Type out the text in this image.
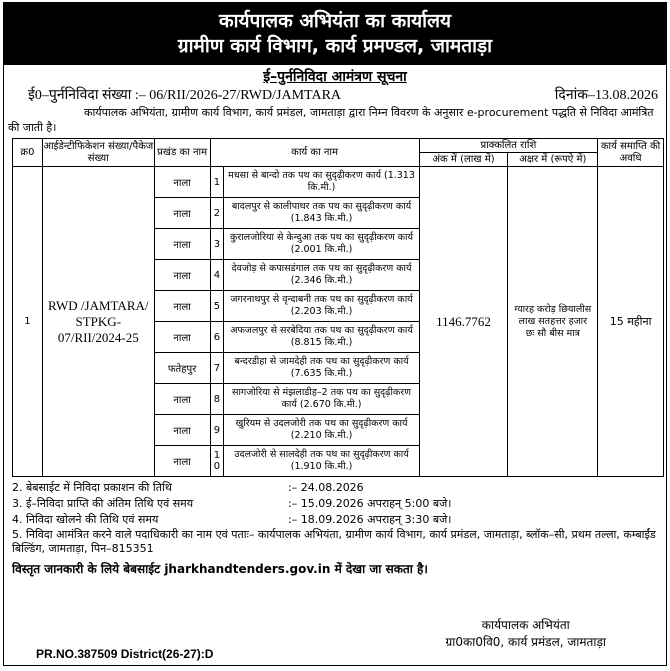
कार्यपालक अभियंता का कार्यालय
ग्रामीण कार्य विभाग, कार्य प्रमण्डल, जामताड़ा
ई–पुर्ननिविदा आमंत्रण सूचना
ई0–पुर्ननिविदा संख्या :– 06/RII/2026-27/RWD/JAMTARA	दिनांक–13.08.2026
कार्यपालक अभियंता, ग्रामीण कार्य विभाग, कार्य प्रमंडल, जामताड़ा द्वारा निम्न विवरण के अनुसार e-procurement पद्धति से निविदा आमंत्रित की जाती है।
क्र0	आईडेन्टीफिकेशन संख्या/पैकेज संख्या	प्रखंड का नाम	कार्य का नाम		प्राक्कलित राशि		कार्य समाप्ति की अवधि
					अंक में (लाख में)	अक्षर में (रूपऐ में)	
1	RWD /JAMTARA/ STPKG- 07/RII/2024-25	नाला	1	मधसा से बान्दो तक पथ का सुदृढ़ीकरण कार्य (1.313 कि.मी.)	1146.7762	ग्यारह करोड़ छियालीस लाख सतहत्तर हजार छः सौ बीस मात्र	15 महीना
		नाला	2	बादलपुर से कालीपाथर तक पथ का सुदृढ़ीकरण कार्य (1.843 कि.मी.)			
		नाला	3	कुरालजोरिया से केन्दुआ तक पथ का सुदृढ़ीकरण कार्य (2.001 कि.मी.)			
		नाला	4	देवजोड़ से कपासडंगाल तक पथ का सुदृढ़ीकरण कार्य (2.346 कि.मी.)			
		नाला	5	जगरनाथपुर से वृन्दाबनी तक पथ का सुदृढ़ीकरण कार्य (2.203 कि.मी.)			
		नाला	6	अफजलपुर से सरबेदिया तक पथ का सुदृढ़ीकरण कार्य (8.815 कि.मी.)			
		फतेहपुर	7	बन्दरडीहा से जामदेही तक पथ का सुदृढ़ीकरण कार्य (7.635 कि.मी.)			
		नाला	8	सागजोरिया से मंझलाडीह–2 तक पथ का सुदृढ़ीकरण कार्य (2.670 कि.मी.)			
		नाला	9	खुरियम से उदलजोरी तक पथ का सुदृढ़ीकरण कार्य (2.210 कि.मी.)			
		नाला	1 0	उदलजोरी से सालदेही तक पथ का सुदृढ़ीकरण कार्य (1.910 कि.मी.)			
2. बेबसाईट में निविदा प्रकाशन की तिथि	:– 24.08.2026
3. ई–निविदा प्राप्ति की अंतिम तिथि एवं समय	:– 15.09.2026 अपराहन् 5:00 बजे।
4. निविदा खोलने की तिथि एवं समय	:– 18.09.2026 अपराहन् 3:30 बजे।
5. निविदा आमंत्रित करने वाले पदाधिकारी का नाम एवं पताः– कार्यपालक अभियंता, ग्रामीण कार्य विभाग, कार्य प्रमंडल, जामताड़ा, ब्लॉक–सी, प्रथम तल्ला, कम्बाईंड बिल्डिंग, जामताड़ा, पिन–815351
विस्तृत जानकारी के लिये बेबसाईट jharkhandtenders.gov.in में देखा जा सकता है।
कार्यपालक अभियंता
ग्रा0का0वि0, कार्य प्रमंडल, जामताड़ा
PR.NO.387509 District(26-27):D
